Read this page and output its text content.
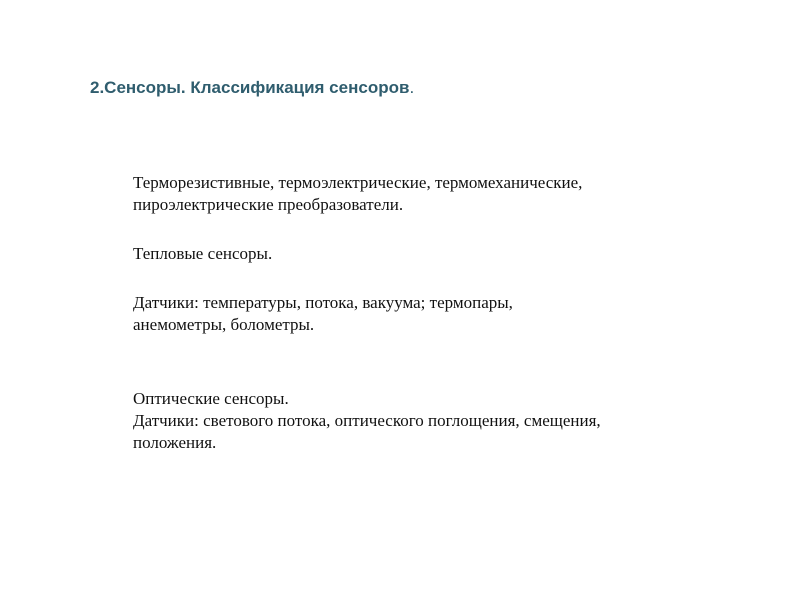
2.Сенсоры. Классификация сенсоров.
Терморезистивные, термоэлектрические, термомеханические,
пироэлектрические преобразователи.
Тепловые сенсоры.
Датчики: температуры, потока, вакуума; термопары,
анемометры, болометры.
Оптические сенсоры.
Датчики: светового потока, оптического поглощения, смещения,
положения.
